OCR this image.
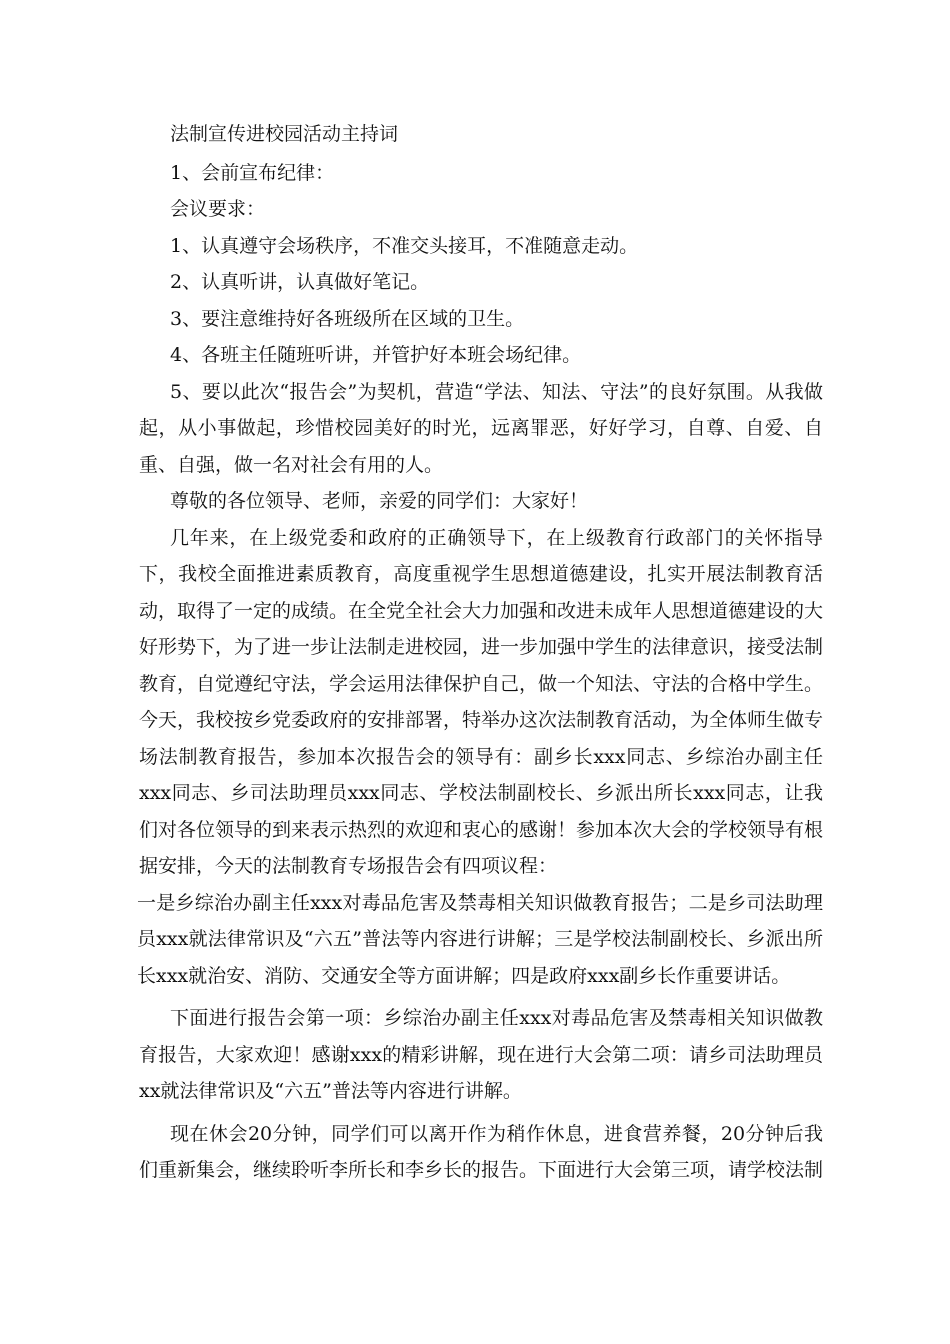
法制宣传进校园活动主持词

1、会前宣布纪律：

会议要求：

1、认真遵守会场秩序，不准交头接耳，不准随意走动。

2、认真听讲，认真做好笔记。

3、要注意维持好各班级所在区域的卫生。

4、各班主任随班听讲，并管护好本班会场纪律。

5、要以此次“报告会”为契机，营造“学法、知法、守法”的良好氛围。从我做起，从小事做起，珍惜校园美好的时光，远离罪恶，好好学习，自尊、自爱、自重、自强，做一名对社会有用的人。

尊敬的各位领导、老师，亲爱的同学们：大家好！

几年来，在上级党委和政府的正确领导下，在上级教育行政部门的关怀指导下，我校全面推进素质教育，高度重视学生思想道德建设，扎实开展法制教育活动，取得了一定的成绩。在全党全社会大力加强和改进未成年人思想道德建设的大好形势下，为了进一步让法制走进校园，进一步加强中学生的法律意识，接受法制教育，自觉遵纪守法，学会运用法律保护自己，做一个知法、守法的合格中学生。今天，我校按乡党委政府的安排部署，特举办这次法制教育活动，为全体师生做专场法制教育报告，参加本次报告会的领导有：副乡长xxx同志、乡综治办副主任xxx同志、乡司法助理员xxx同志、学校法制副校长、乡派出所长xxx同志，让我们对各位领导的到来表示热烈的欢迎和衷心的感谢！参加本次大会的学校领导有根据安排，今天的法制教育专场报告会有四项议程：

一是乡综治办副主任xxx对毒品危害及禁毒相关知识做教育报告；二是乡司法助理员xxx就法律常识及“六五”普法等内容进行讲解；三是学校法制副校长、乡派出所长xxx就治安、消防、交通安全等方面讲解；四是政府xxx副乡长作重要讲话。

下面进行报告会第一项：乡综治办副主任xxx对毒品危害及禁毒相关知识做教育报告，大家欢迎！感谢xxx的精彩讲解，现在进行大会第二项：请乡司法助理员xx就法律常识及“六五”普法等内容进行讲解。

现在休会20分钟，同学们可以离开作为稍作休息，进食营养餐，20分钟后我们重新集会，继续聆听李所长和李乡长的报告。下面进行大会第三项，请学校法制
